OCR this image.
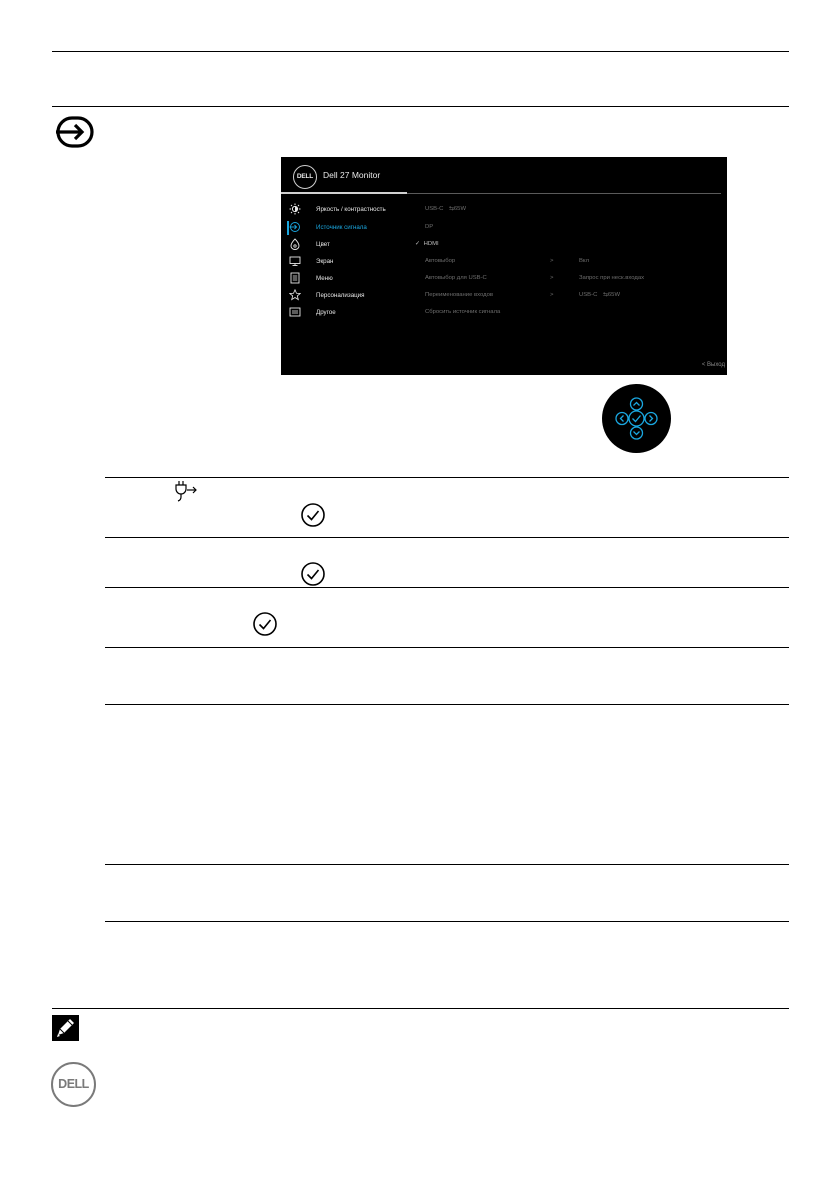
DELL	Dell 27 Monitor
Яркость / контрастность
Источник сигнала
Цвет
Экран
Меню
Персонализация
Другое
USB-C ⇆65W
DP
✓ HDMI
Автовыбор	>	Вкл
Автовыбор для USB-C	>	Запрос при неск.входах
Переименование входов	>	USB-C ⇆65W
Сбросить источник сигнала
< Выход
DELL
